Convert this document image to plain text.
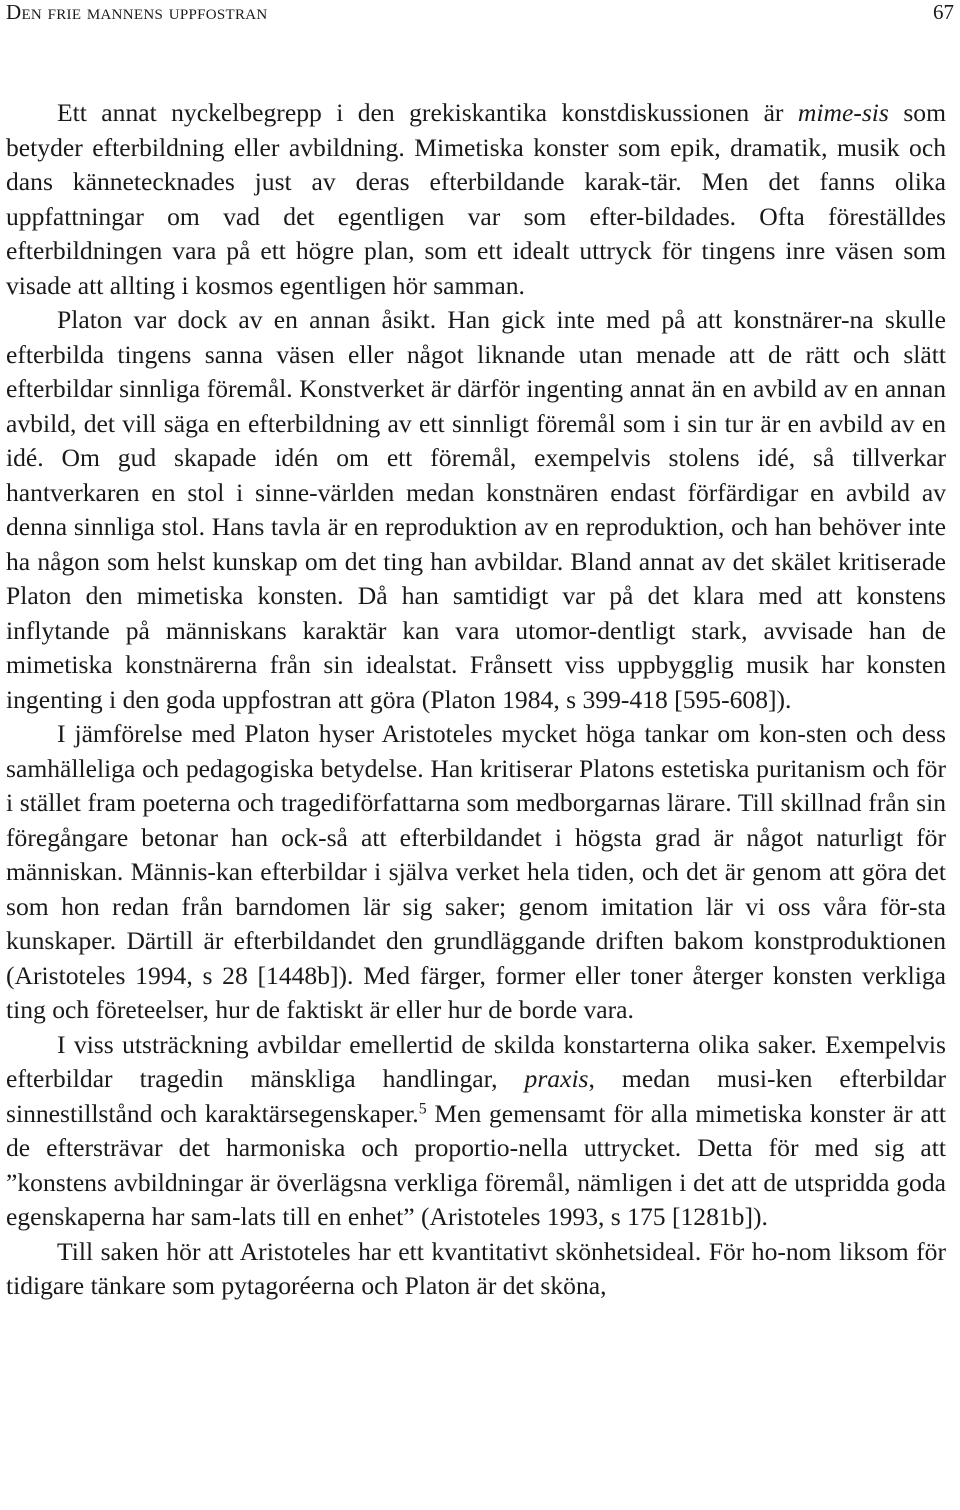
Den frie mannens uppfostran	67

Ett annat nyckelbegrepp i den grekiskantika konstdiskussionen är mime-sis som betyder efterbildning eller avbildning. Mimetiska konster som epik, dramatik, musik och dans kännetecknades just av deras efterbildande karak-tär. Men det fanns olika uppfattningar om vad det egentligen var som efter-bildades. Ofta föreställdes efterbildningen vara på ett högre plan, som ett idealt uttryck för tingens inre väsen som visade att allting i kosmos egentligen hör samman.

Platon var dock av en annan åsikt. Han gick inte med på att konstnärer-na skulle efterbilda tingens sanna väsen eller något liknande utan menade att de rätt och slätt efterbildar sinnliga föremål. Konstverket är därför ingenting annat än en avbild av en annan avbild, det vill säga en efterbildning av ett sinnligt föremål som i sin tur är en avbild av en idé. Om gud skapade idén om ett föremål, exempelvis stolens idé, så tillverkar hantverkaren en stol i sinne-världen medan konstnären endast förfärdigar en avbild av denna sinnliga stol. Hans tavla är en reproduktion av en reproduktion, och han behöver inte ha någon som helst kunskap om det ting han avbildar. Bland annat av det skälet kritiserade Platon den mimetiska konsten. Då han samtidigt var på det klara med att konstens inflytande på människans karaktär kan vara utomor-dentligt stark, avvisade han de mimetiska konstnärerna från sin idealstat. Frånsett viss uppbygglig musik har konsten ingenting i den goda uppfostran att göra (Platon 1984, s 399-418 [595-608]).

I jämförelse med Platon hyser Aristoteles mycket höga tankar om kon-sten och dess samhälleliga och pedagogiska betydelse. Han kritiserar Platons estetiska puritanism och för i stället fram poeterna och tragediförfattarna som medborgarnas lärare. Till skillnad från sin föregångare betonar han ock-så att efterbildandet i högsta grad är något naturligt för människan. Männis-kan efterbildar i själva verket hela tiden, och det är genom att göra det som hon redan från barndomen lär sig saker; genom imitation lär vi oss våra för-sta kunskaper. Därtill är efterbildandet den grundläggande driften bakom konstproduktionen (Aristoteles 1994, s 28 [1448b]). Med färger, former eller toner återger konsten verkliga ting och företeelser, hur de faktiskt är eller hur de borde vara.

I viss utsträckning avbildar emellertid de skilda konstarterna olika saker. Exempelvis efterbildar tragedin mänskliga handlingar, praxis, medan musi-ken efterbildar sinnestillstånd och karaktärsegenskaper.$^5$ Men gemensamt för alla mimetiska konster är att de eftersträvar det harmoniska och proportio-nella uttrycket. Detta för med sig att ”konstens avbildningar är överlägsna verkliga föremål, nämligen i det att de utspridda goda egenskaperna har sam-lats till en enhet” (Aristoteles 1993, s 175 [1281b]).

Till saken hör att Aristoteles har ett kvantitativt skönhetsideal. För ho-nom liksom för tidigare tänkare som pytagoréerna och Platon är det sköna,
